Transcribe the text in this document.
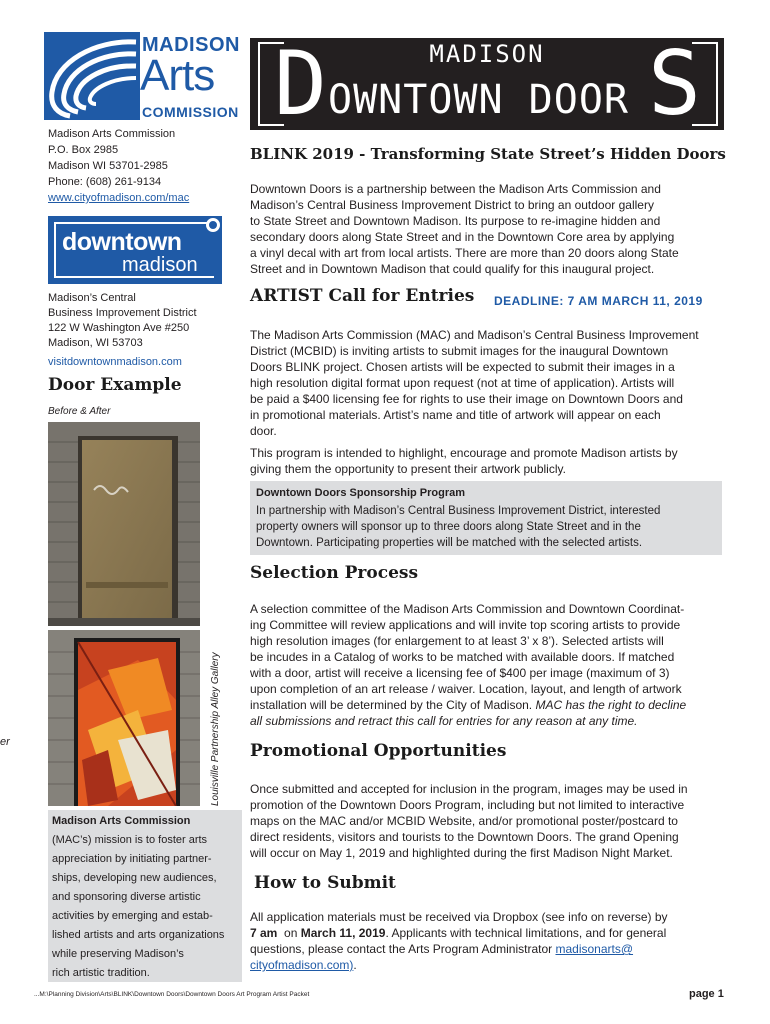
MADISON
Arts
COMMISSION
Madison Arts Commission
P.O. Box 2985
Madison WI 53701-2985
Phone: (608) 261-9134
www.cityofmadison.com/mac
downtown
madison
Madison’s Central
Business Improvement District
122 W Washington Ave #250
Madison, WI 53703
visitdowntownmadison.com
Door Example
Before & After
Louisville Partnership Alley Gallery
er
Madison Arts Commission
(MAC’s) mission is to foster arts
appreciation by initiating partner-
ships, developing new audiences,
and sponsoring diverse artistic
activities by emerging and estab-
lished artists and arts organizations
while preserving Madison’s
rich artistic tradition.
MADISON
D OWNTOWN DOOR S
BLINK 2019 - Transforming State Street’s Hidden Doors
Downtown Doors is a partnership between the Madison Arts Commission and
Madison’s Central Business Improvement District to bring an outdoor gallery
to State Street and Downtown Madison. Its purpose to re-imagine hidden and
secondary doors along State Street and in the Downtown Core area by applying
a vinyl decal with art from local artists. There are more than 20 doors along State
Street and in Downtown Madison that could qualify for this inaugural project.
ARTIST Call for Entries DEADLINE: 7 AM MARCH 11, 2019
The Madison Arts Commission (MAC) and Madison’s Central Business Improvement
District (MCBID) is inviting artists to submit images for the inaugural Downtown
Doors BLINK project. Chosen artists will be expected to submit their images in a
high resolution digital format upon request (not at time of application). Artists will
be paid a $400 licensing fee for rights to use their image on Downtown Doors and
in promotional materials. Artist’s name and title of artwork will appear on each
door.
This program is intended to highlight, encourage and promote Madison artists by
giving them the opportunity to present their artwork publicly.
Downtown Doors Sponsorship Program
In partnership with Madison’s Central Business Improvement District, interested
property owners will sponsor up to three doors along State Street and in the
Downtown. Participating properties will be matched with the selected artists.
Selection Process
A selection committee of the Madison Arts Commission and Downtown Coordinat-
ing Committee will review applications and will invite top scoring artists to provide
high resolution images (for enlargement to at least 3’ x 8’). Selected artists will
be incudes in a Catalog of works to be matched with available doors. If matched
with a door, artist will receive a licensing fee of $400 per image (maximum of 3)
upon completion of an art release / waiver. Location, layout, and length of artwork
installation will be determined by the City of Madison. MAC has the right to decline
all submissions and retract this call for entries for any reason at any time.
Promotional Opportunities
Once submitted and accepted for inclusion in the program, images may be used in
promotion of the Downtown Doors Program, including but not limited to interactive
maps on the MAC and/or MCBID Website, and/or promotional poster/postcard to
direct residents, visitors and tourists to the Downtown Doors. The grand Opening
will occur on May 1, 2019 and highlighted during the first Madison Night Market.
How to Submit
All application materials must be received via Dropbox (see info on reverse) by
7 am  on March 11, 2019. Applicants with technical limitations, and for general
questions, please contact the Arts Program Administrator madisonarts@
cityofmadison.com).
...M:\Planning Division\Arts\BLINK\Downtown Doors\Downtown Doors Art Program Artist Packet	page 1
